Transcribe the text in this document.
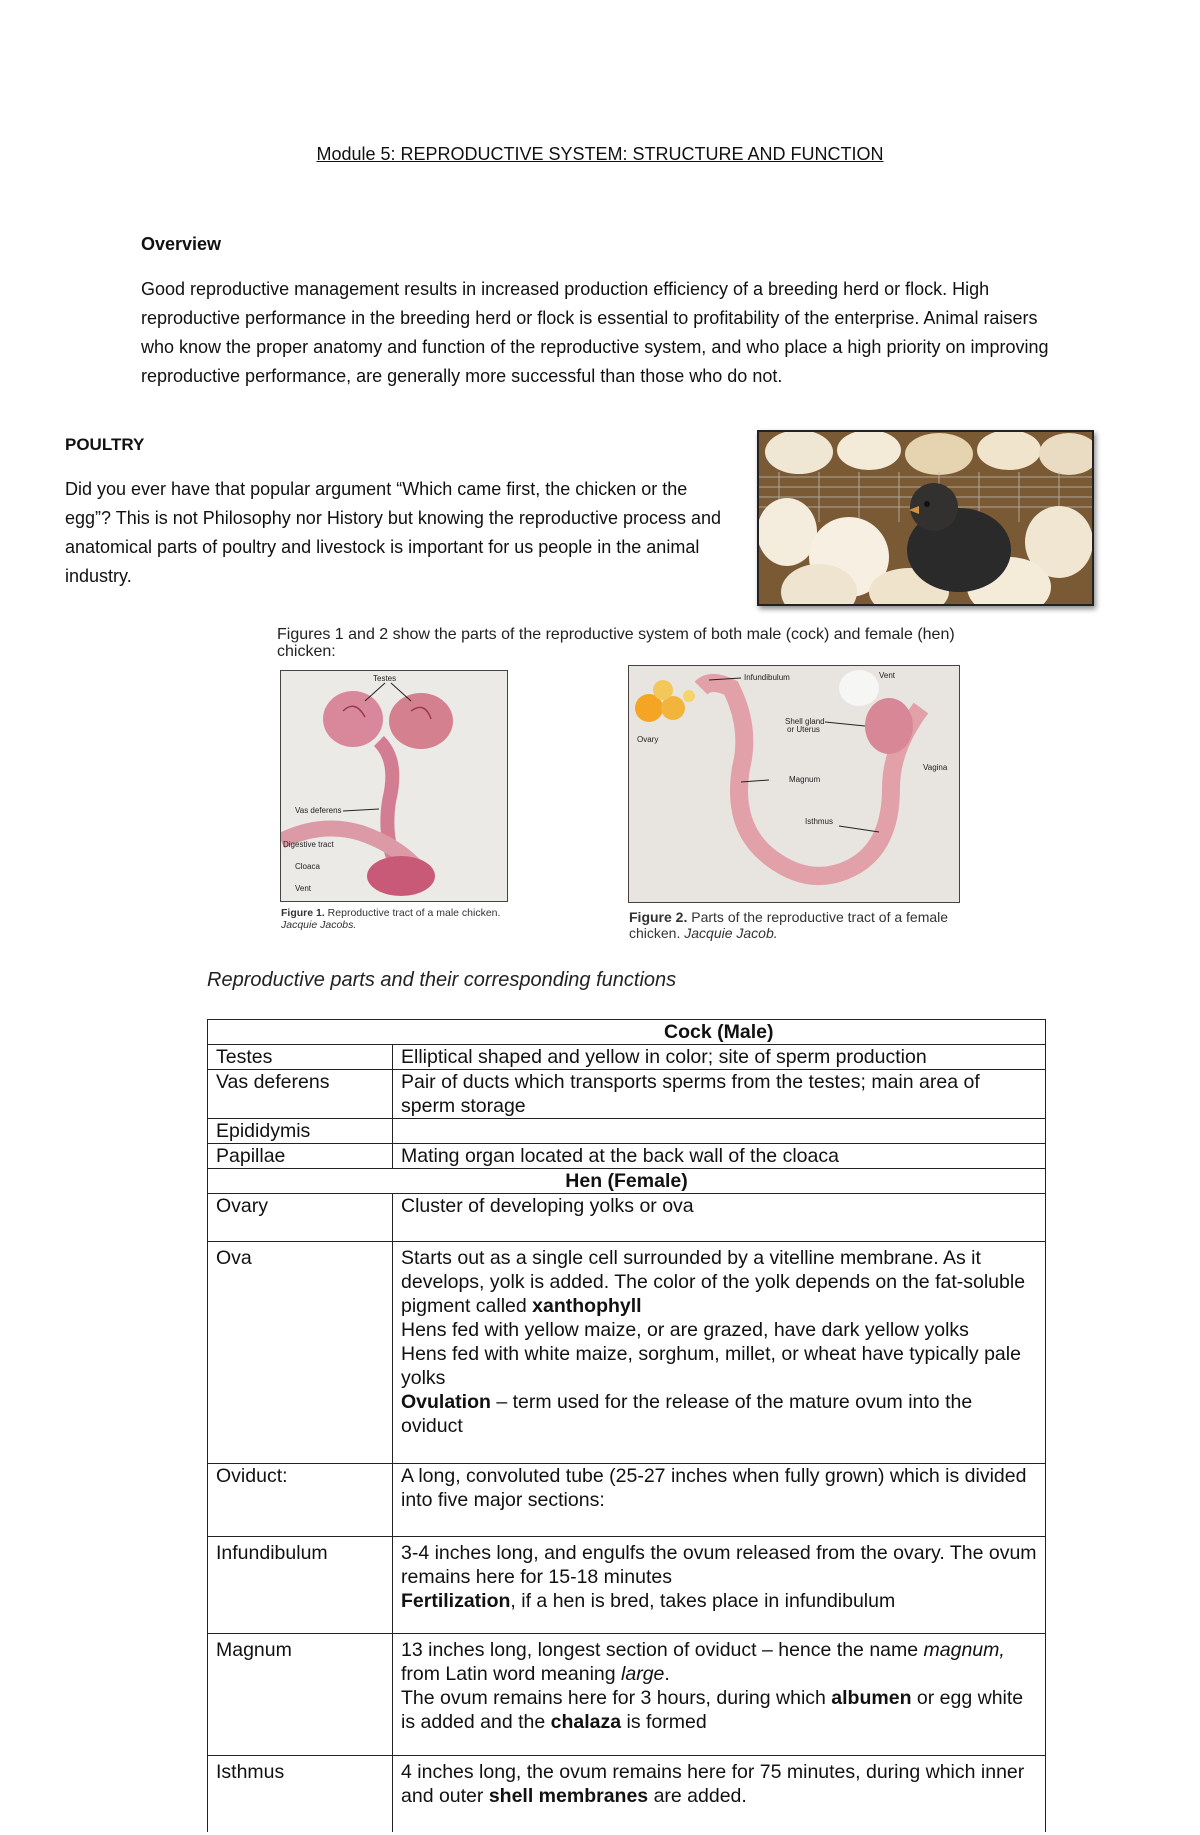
Module 5: REPRODUCTIVE SYSTEM: STRUCTURE AND FUNCTION
Overview
Good reproductive management results in increased production efficiency of a breeding herd or flock. High reproductive performance in the breeding herd or flock is essential to profitability of the enterprise. Animal raisers who know the proper anatomy and function of the reproductive system, and who place a high priority on improving reproductive performance, are generally more successful than those who do not.
POULTRY
Did you ever have that popular argument “Which came first, the chicken or the egg”? This is not Philosophy nor History but knowing the reproductive process and anatomical parts of poultry and livestock is important for us people in the animal industry.
Figures 1 and 2 show the parts of the reproductive system of both male (cock) and female (hen) chicken:
Testes
Vas deferens
Digestive tract
Cloaca
Vent
Figure 1. Reproductive tract of a male chicken. Jacquie Jacobs.
Infundibulum	Vent
Shell gland
or Uterus
Ovary
Vagina
Magnum
Isthmus
Figure 2. Parts of the reproductive tract of a female chicken. Jacquie Jacob.
Reproductive parts and their corresponding functions
	Cock (Male)
Testes	Elliptical shaped and yellow in color; site of sperm production
Vas deferens	Pair of ducts which transports sperms from the testes; main area of sperm storage
Epididymis	
Papillae	Mating organ located at the back wall of the cloaca
Hen (Female)	
Ovary	Cluster of developing yolks or ova
Ova	Starts out as a single cell surrounded by a vitelline membrane. As it develops, yolk is added. The color of the yolk depends on the fat-soluble pigment called xanthophyll
Hens fed with yellow maize, or are grazed, have dark yellow yolks
Hens fed with white maize, sorghum, millet, or wheat have typically pale yolks
Ovulation – term used for the release of the mature ovum into the oviduct
Oviduct:	A long, convoluted tube (25-27 inches when fully grown) which is divided into five major sections:
Infundibulum	3-4 inches long, and engulfs the ovum released from the ovary. The ovum remains here for 15-18 minutes
Fertilization, if a hen is bred, takes place in infundibulum
Magnum	13 inches long, longest section of oviduct – hence the name magnum, from Latin word meaning large.
The ovum remains here for 3 hours, during which albumen or egg white is added and the chalaza is formed
Isthmus	4 inches long, the ovum remains here for 75 minutes, during which inner and outer shell membranes are added.
